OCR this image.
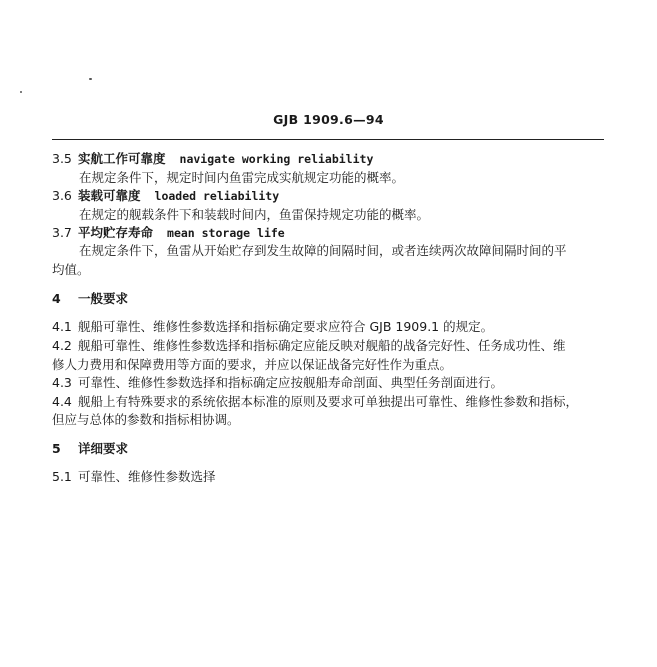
GJB 1909.6—94
3.5 实航工作可靠度 navigate working reliability
在规定条件下，规定时间内鱼雷完成实航规定功能的概率。
3.6 装载可靠度 loaded reliability
在规定的舰载条件下和装载时间内，鱼雷保持规定功能的概率。
3.7 平均贮存寿命 mean storage life
在规定条件下，鱼雷从开始贮存到发生故障的间隔时间，或者连续两次故障间隔时间的平
均值。
4 一般要求
4.1 舰船可靠性、维修性参数选择和指标确定要求应符合 GJB 1909.1 的规定。
4.2 舰船可靠性、维修性参数选择和指标确定应能反映对舰船的战备完好性、任务成功性、维
修人力费用和保障费用等方面的要求，并应以保证战备完好性作为重点。
4.3 可靠性、维修性参数选择和指标确定应按舰船寿命剖面、典型任务剖面进行。
4.4 舰船上有特殊要求的系统依据本标准的原则及要求可单独提出可靠性、维修性参数和指标，
但应与总体的参数和指标相协调。
5 详细要求
5.1 可靠性、维修性参数选择
